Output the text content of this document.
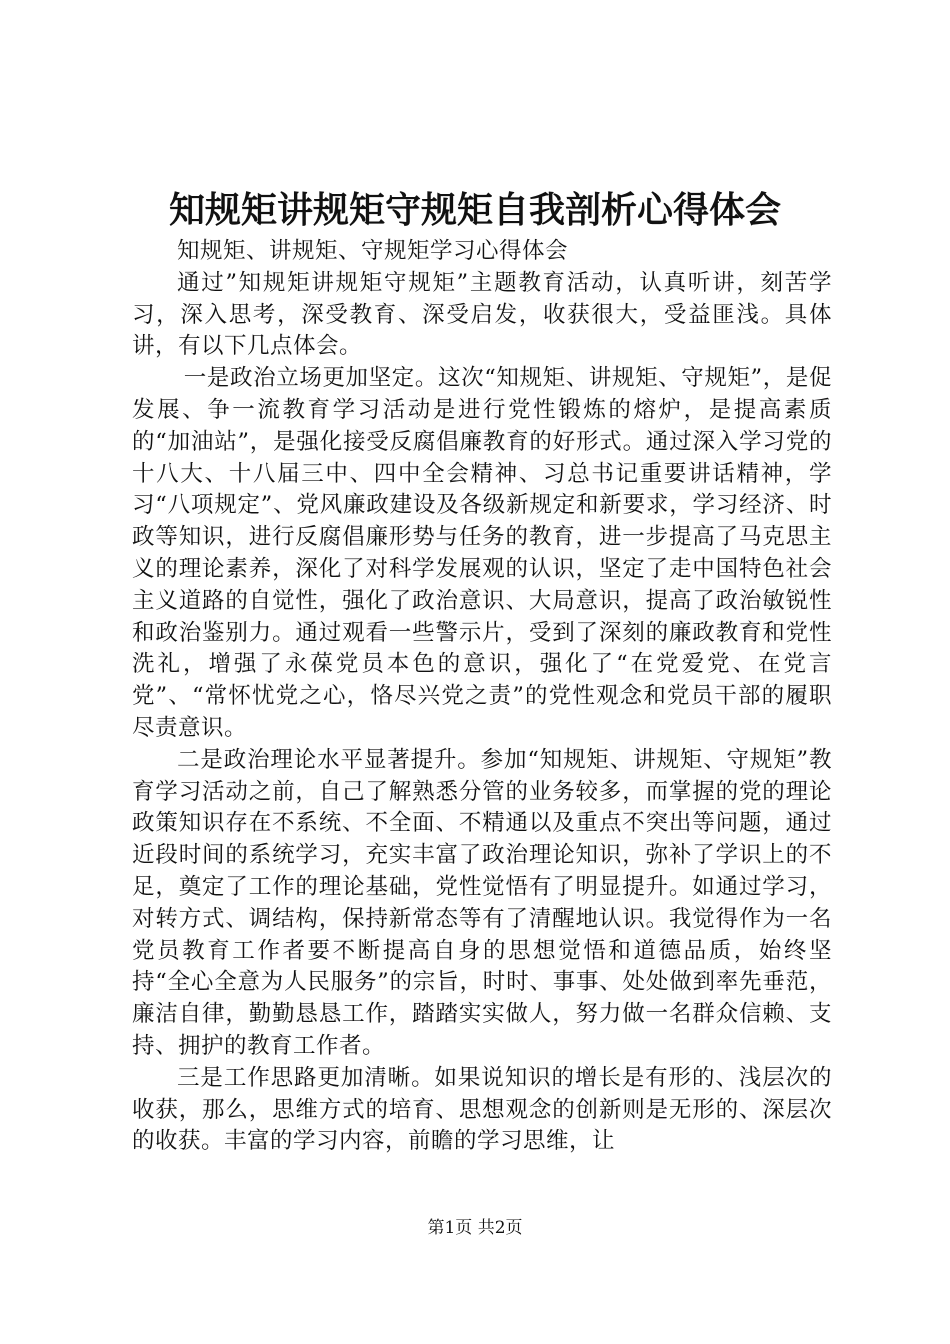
知规矩讲规矩守规矩自我剖析心得体会

知规矩、讲规矩、守规矩学习心得体会

通过”知规矩讲规矩守规矩”主题教育活动，认真听讲，刻苦学习，深入思考，深受教育、深受启发，收获很大，受益匪浅。具体讲，有以下几点体会。

一是政治立场更加坚定。这次“知规矩、讲规矩、守规矩”，是促发展、争一流教育学习活动是进行党性锻炼的熔炉，是提高素质的“加油站”，是强化接受反腐倡廉教育的好形式。通过深入学习党的十八大、十八届三中、四中全会精神、习总书记重要讲话精神，学习“八项规定”、党风廉政建设及各级新规定和新要求，学习经济、时政等知识，进行反腐倡廉形势与任务的教育，进一步提高了马克思主义的理论素养，深化了对科学发展观的认识，坚定了走中国特色社会主义道路的自觉性，强化了政治意识、大局意识，提高了政治敏锐性和政治鉴别力。通过观看一些警示片，受到了深刻的廉政教育和党性洗礼，增强了永葆党员本色的意识，强化了“在党爱党、在党言党”、“常怀忧党之心，恪尽兴党之责”的党性观念和党员干部的履职尽责意识。

二是政治理论水平显著提升。参加“知规矩、讲规矩、守规矩”教育学习活动之前，自己了解熟悉分管的业务较多，而掌握的党的理论政策知识存在不系统、不全面、不精通以及重点不突出等问题，通过近段时间的系统学习，充实丰富了政治理论知识，弥补了学识上的不足，奠定了工作的理论基础，党性觉悟有了明显提升。如通过学习，对转方式、调结构，保持新常态等有了清醒地认识。我觉得作为一名党员教育工作者要不断提高自身的思想觉悟和道德品质，始终坚持“全心全意为人民服务”的宗旨，时时、事事、处处做到率先垂范，廉洁自律，勤勤恳恳工作，踏踏实实做人，努力做一名群众信赖、支持、拥护的教育工作者。

三是工作思路更加清晰。如果说知识的增长是有形的、浅层次的收获，那么，思维方式的培育、思想观念的创新则是无形的、深层次的收获。丰富的学习内容，前瞻的学习思维，让

第1页 共2页
